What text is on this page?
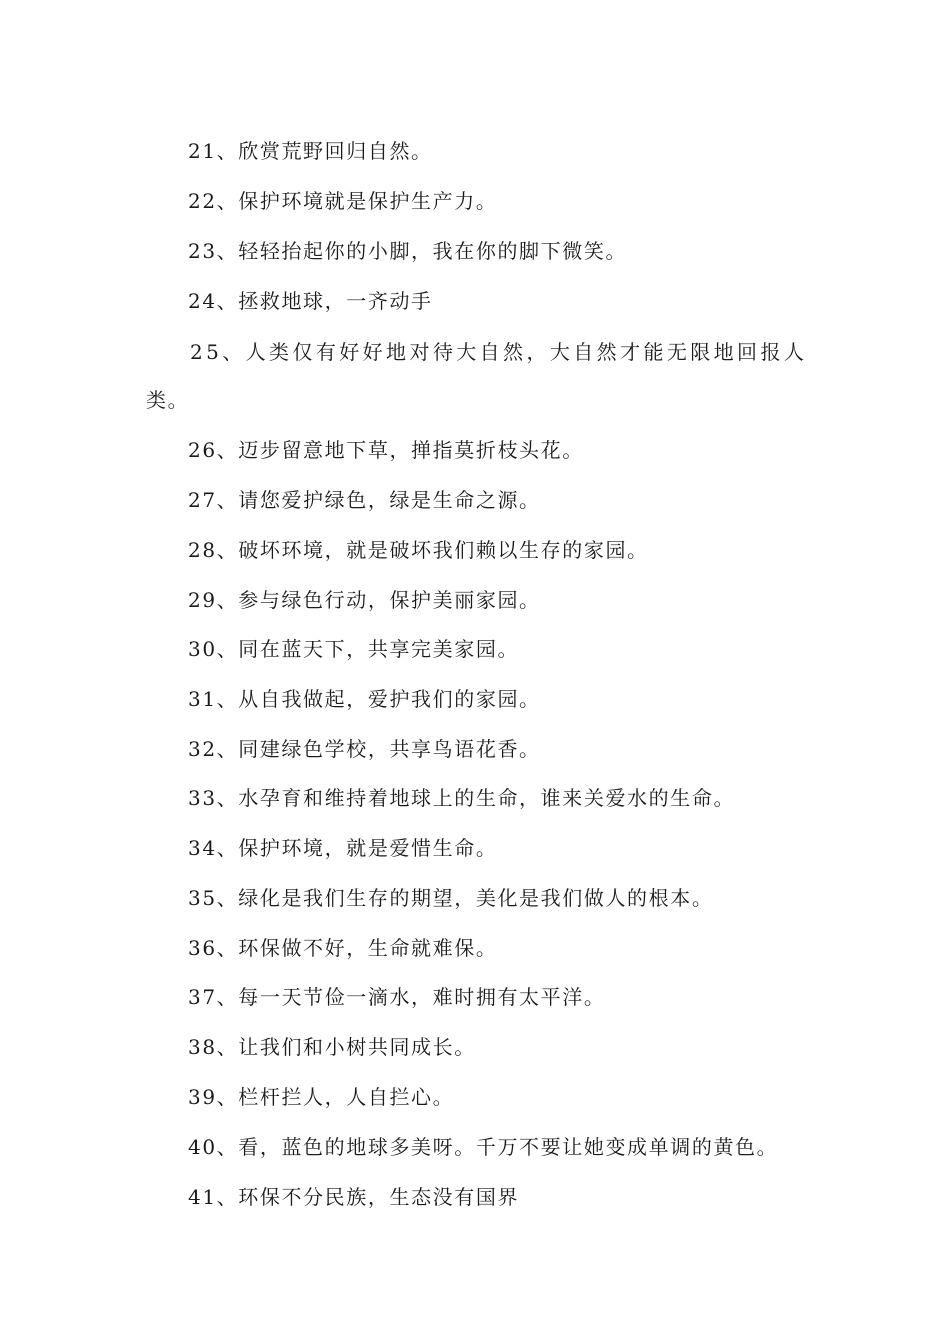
21、欣赏荒野回归自然。
22、保护环境就是保护生产力。
23、轻轻抬起你的小脚，我在你的脚下微笑。
24、拯救地球，一齐动手
25、人类仅有好好地对待大自然，大自然才能无限地回报人
类。
26、迈步留意地下草，掸指莫折枝头花。
27、请您爱护绿色，绿是生命之源。
28、破坏环境，就是破坏我们赖以生存的家园。
29、参与绿色行动，保护美丽家园。
30、同在蓝天下，共享完美家园。
31、从自我做起，爱护我们的家园。
32、同建绿色学校，共享鸟语花香。
33、水孕育和维持着地球上的生命，谁来关爱水的生命。
34、保护环境，就是爱惜生命。
35、绿化是我们生存的期望，美化是我们做人的根本。
36、环保做不好，生命就难保。
37、每一天节俭一滴水，难时拥有太平洋。
38、让我们和小树共同成长。
39、栏杆拦人，人自拦心。
40、看，蓝色的地球多美呀。千万不要让她变成单调的黄色。
41、环保不分民族，生态没有国界
